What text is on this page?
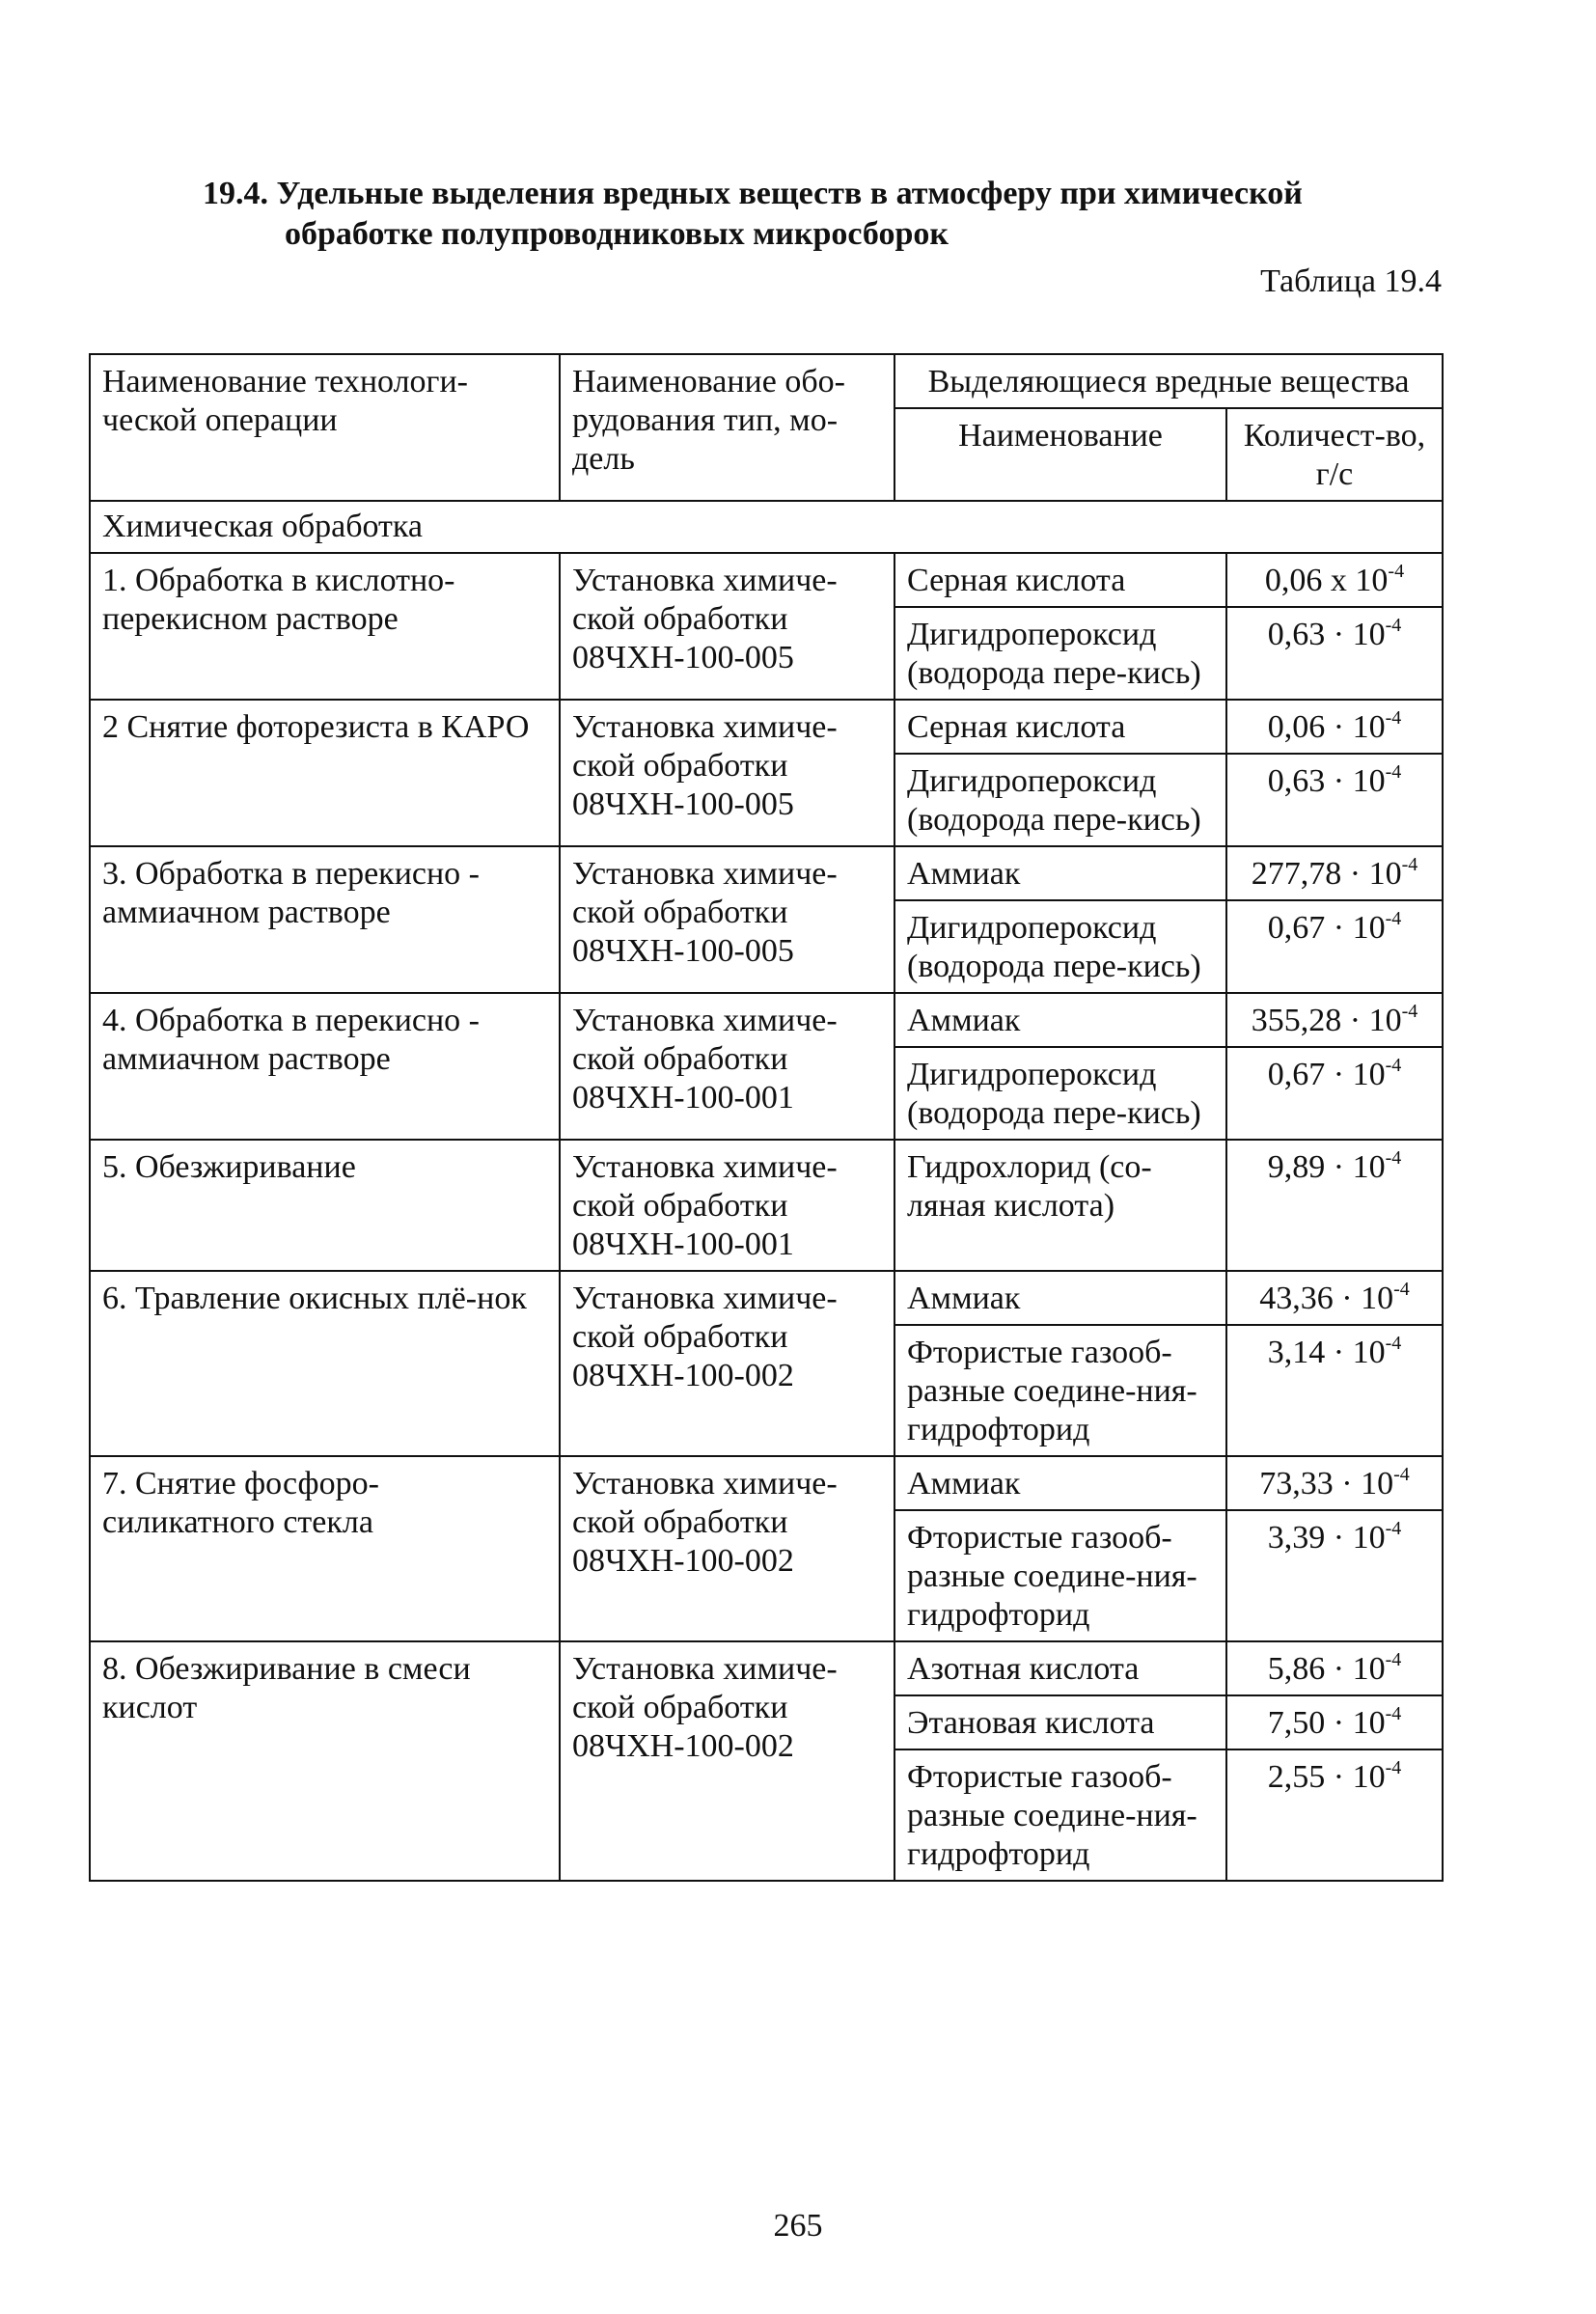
19.4. Удельные выделения вредных веществ в атмосферу при химической
обработке полупроводниковых микросборок
Таблица 19.4
Наименование технологи-ческой операции	Наименование обо-рудования тип, мо-дель	Выделяющиеся вредные вещества	
		Наименование	Количест-во, г/с
Химическая обработка			
1. Обработка в кислотно-перекисном растворе	Установка химиче-ской обработки 08ЧХН-100-005	Серная кислота	0,06 x $10^{-4}$
		Дигидропероксид (водорода пере-кись)	$0,63 \cdot 10^{-4}$
2 Снятие фоторезиста в КАРО	Установка химиче-ской обработки 08ЧХН-100-005	Серная кислота	$0,06 \cdot 10^{-4}$
		Дигидропероксид (водорода пере-кись)	$0,63 \cdot 10^{-4}$
3. Обработка в перекисно - аммиачном растворе	Установка химиче-ской обработки 08ЧХН-100-005	Аммиак	$277,78 \cdot 10^{-4}$
		Дигидропероксид (водорода пере-кись)	$0,67 \cdot 10^{-4}$
4. Обработка в перекисно - аммиачном растворе	Установка химиче-ской обработки 08ЧХН-100-001	Аммиак	$355,28 \cdot 10^{-4}$
		Дигидропероксид (водорода пере-кись)	$0,67 \cdot 10^{-4}$
5. Обезжиривание	Установка химиче-ской обработки 08ЧХН-100-001	Гидрохлорид (со-ляная кислота)	$9,89 \cdot 10^{-4}$
6. Травление окисных плё-нок	Установка химиче-ской обработки 08ЧХН-100-002	Аммиак	$43,36 \cdot 10^{-4}$
		Фтористые газооб-разные соедине-ния-гидрофторид	$3,14 \cdot 10^{-4}$
7. Снятие фосфоро-силикатного стекла	Установка химиче-ской обработки 08ЧХН-100-002	Аммиак	$73,33 \cdot 10^{-4}$
		Фтористые газооб-разные соедине-ния-гидрофторид	$3,39 \cdot 10^{-4}$
8. Обезжиривание в смеси кислот	Установка химиче-ской обработки 08ЧХН-100-002	Азотная кислота	$5,86 \cdot 10^{-4}$
		Этановая кислота	$7,50 \cdot 10^{-4}$
		Фтористые газооб-разные соедине-ния-гидрофторид	$2,55 \cdot 10^{-4}$
265
